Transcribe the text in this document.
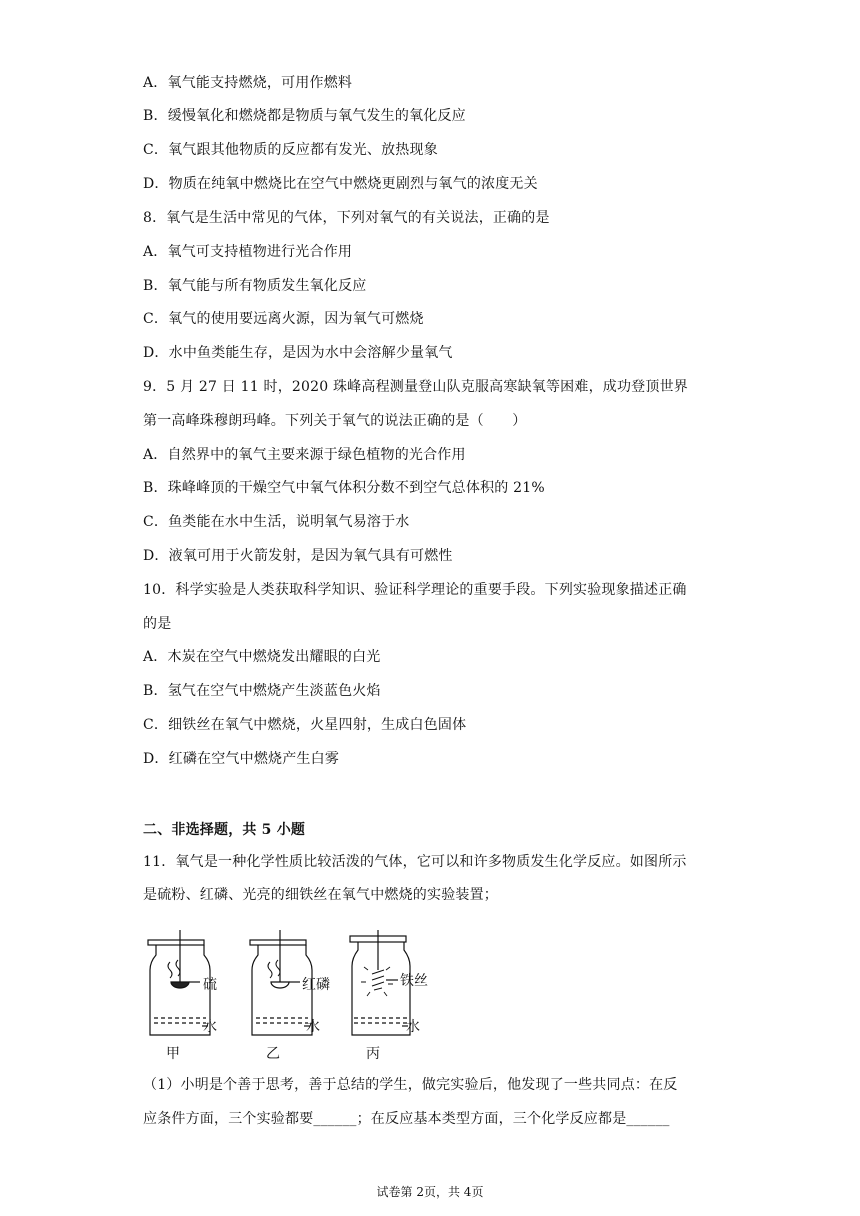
A．氧气能支持燃烧，可用作燃料
B．缓慢氧化和燃烧都是物质与氧气发生的氧化反应
C．氧气跟其他物质的反应都有发光、放热现象
D．物质在纯氧中燃烧比在空气中燃烧更剧烈与氧气的浓度无关
8．氧气是生活中常见的气体，下列对氧气的有关说法，正确的是
A．氧气可支持植物进行光合作用
B．氧气能与所有物质发生氧化反应
C．氧气的使用要远离火源，因为氧气可燃烧
D．水中鱼类能生存，是因为水中会溶解少量氧气
9．5 月 27 日 11 时，2020 珠峰高程测量登山队克服高寒缺氧等困难，成功登顶世界
第一高峰珠穆朗玛峰。下列关于氧气的说法正确的是（　　）
A．自然界中的氧气主要来源于绿色植物的光合作用
B．珠峰峰顶的干燥空气中氧气体积分数不到空气总体积的 21%
C．鱼类能在水中生活，说明氧气易溶于水
D．液氧可用于火箭发射，是因为氧气具有可燃性
10．科学实验是人类获取科学知识、验证科学理论的重要手段。下列实验现象描述正确
的是
A．木炭在空气中燃烧发出耀眼的白光
B．氢气在空气中燃烧产生淡蓝色火焰
C．细铁丝在氧气中燃烧，火星四射，生成白色固体
D．红磷在空气中燃烧产生白雾
二、非选择题，共 5 小题
11．氧气是一种化学性质比较活泼的气体，它可以和许多物质发生化学反应。如图所示
是硫粉、红磷、光亮的细铁丝在氧气中燃烧的实验装置；
硫
水
甲
红磷
水
乙
铁丝
水
丙
（1）小明是个善于思考，善于总结的学生，做完实验后，他发现了一些共同点：在反
应条件方面，三个实验都要______；在反应基本类型方面，三个化学反应都是______
试卷第 2页，共 4页
